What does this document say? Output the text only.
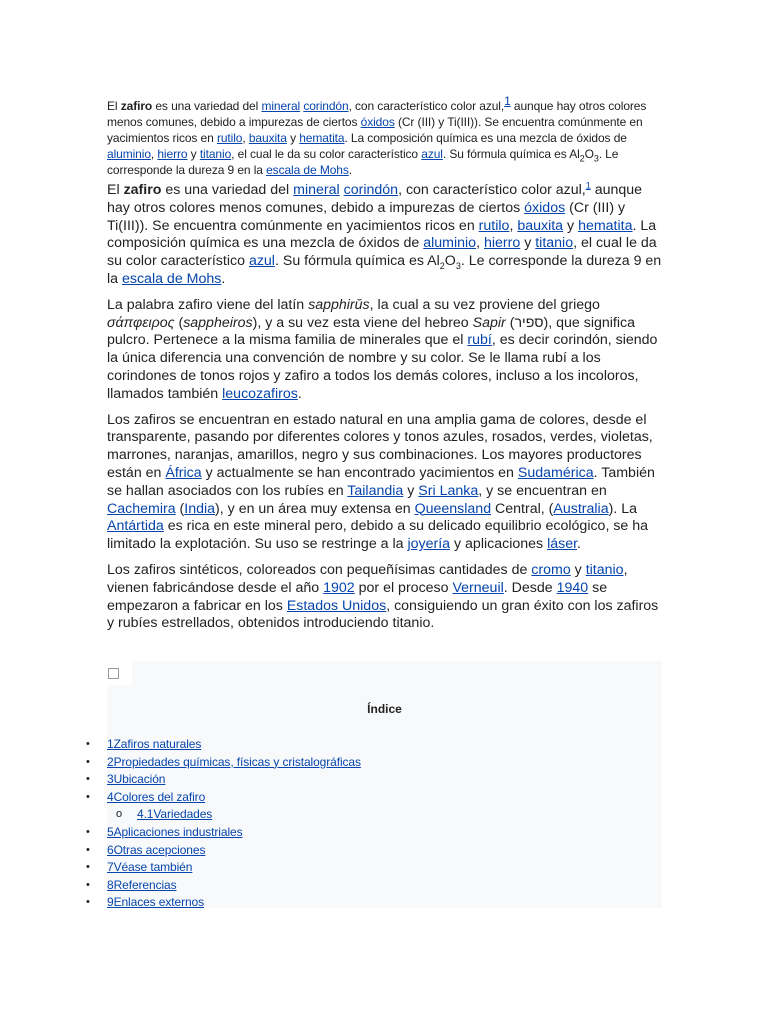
El zafiro es una variedad del mineral corindón, con característico color azul,$^1$ aunque hay otros colores menos comunes, debido a impurezas de ciertos óxidos (Cr (III) y Ti(III)). Se encuentra comúnmente en yacimientos ricos en rutilo, bauxita y hematita. La composición química es una mezcla de óxidos de aluminio, hierro y titanio, el cual le da su color característico azul. Su fórmula química es $Al_2O_3$. Le corresponde la dureza 9 en la escala de Mohs.

El zafiro es una variedad del mineral corindón, con característico color azul,$^1$ aunque hay otros colores menos comunes, debido a impurezas de ciertos óxidos (Cr (III) y Ti(III)). Se encuentra comúnmente en yacimientos ricos en rutilo, bauxita y hematita. La composición química es una mezcla de óxidos de aluminio, hierro y titanio, el cual le da su color característico azul. Su fórmula química es $Al_2O_3$. Le corresponde la dureza 9 en la escala de Mohs.

La palabra zafiro viene del latín sapphirŭs, la cual a su vez proviene del griego σάπφειρος (sappheiros), y a su vez esta viene del hebreo Sapir (ספיר), que significa pulcro. Pertenece a la misma familia de minerales que el rubí, es decir corindón, siendo la única diferencia una convención de nombre y su color. Se le llama rubí a los corindones de tonos rojos y zafiro a todos los demás colores, incluso a los incoloros, llamados también leucozafiros.

Los zafiros se encuentran en estado natural en una amplia gama de colores, desde el transparente, pasando por diferentes colores y tonos azules, rosados, verdes, violetas, marrones, naranjas, amarillos, negro y sus combinaciones. Los mayores productores están en África y actualmente se han encontrado yacimientos en Sudamérica. También se hallan asociados con los rubíes en Tailandia y Sri Lanka, y se encuentran en Cachemira (India), y en un área muy extensa en Queensland Central, (Australia). La Antártida es rica en este mineral pero, debido a su delicado equilibrio ecológico, se ha limitado la explotación. Su uso se restringe a la joyería y aplicaciones láser.

Los zafiros sintéticos, coloreados con pequeñísimas cantidades de cromo y titanio, vienen fabricándose desde el año 1902 por el proceso Verneuil. Desde 1940 se empezaron a fabricar en los Estados Unidos, consiguiendo un gran éxito con los zafiros y rubíes estrellados, obtenidos introduciendo titanio.

Índice
• 1Zafiros naturales
• 2Propiedades químicas, físicas y cristalográficas
• 3Ubicación
• 4Colores del zafiro
o 4.1Variedades
• 5Aplicaciones industriales
• 6Otras acepciones
• 7Véase también
• 8Referencias
• 9Enlaces externos
